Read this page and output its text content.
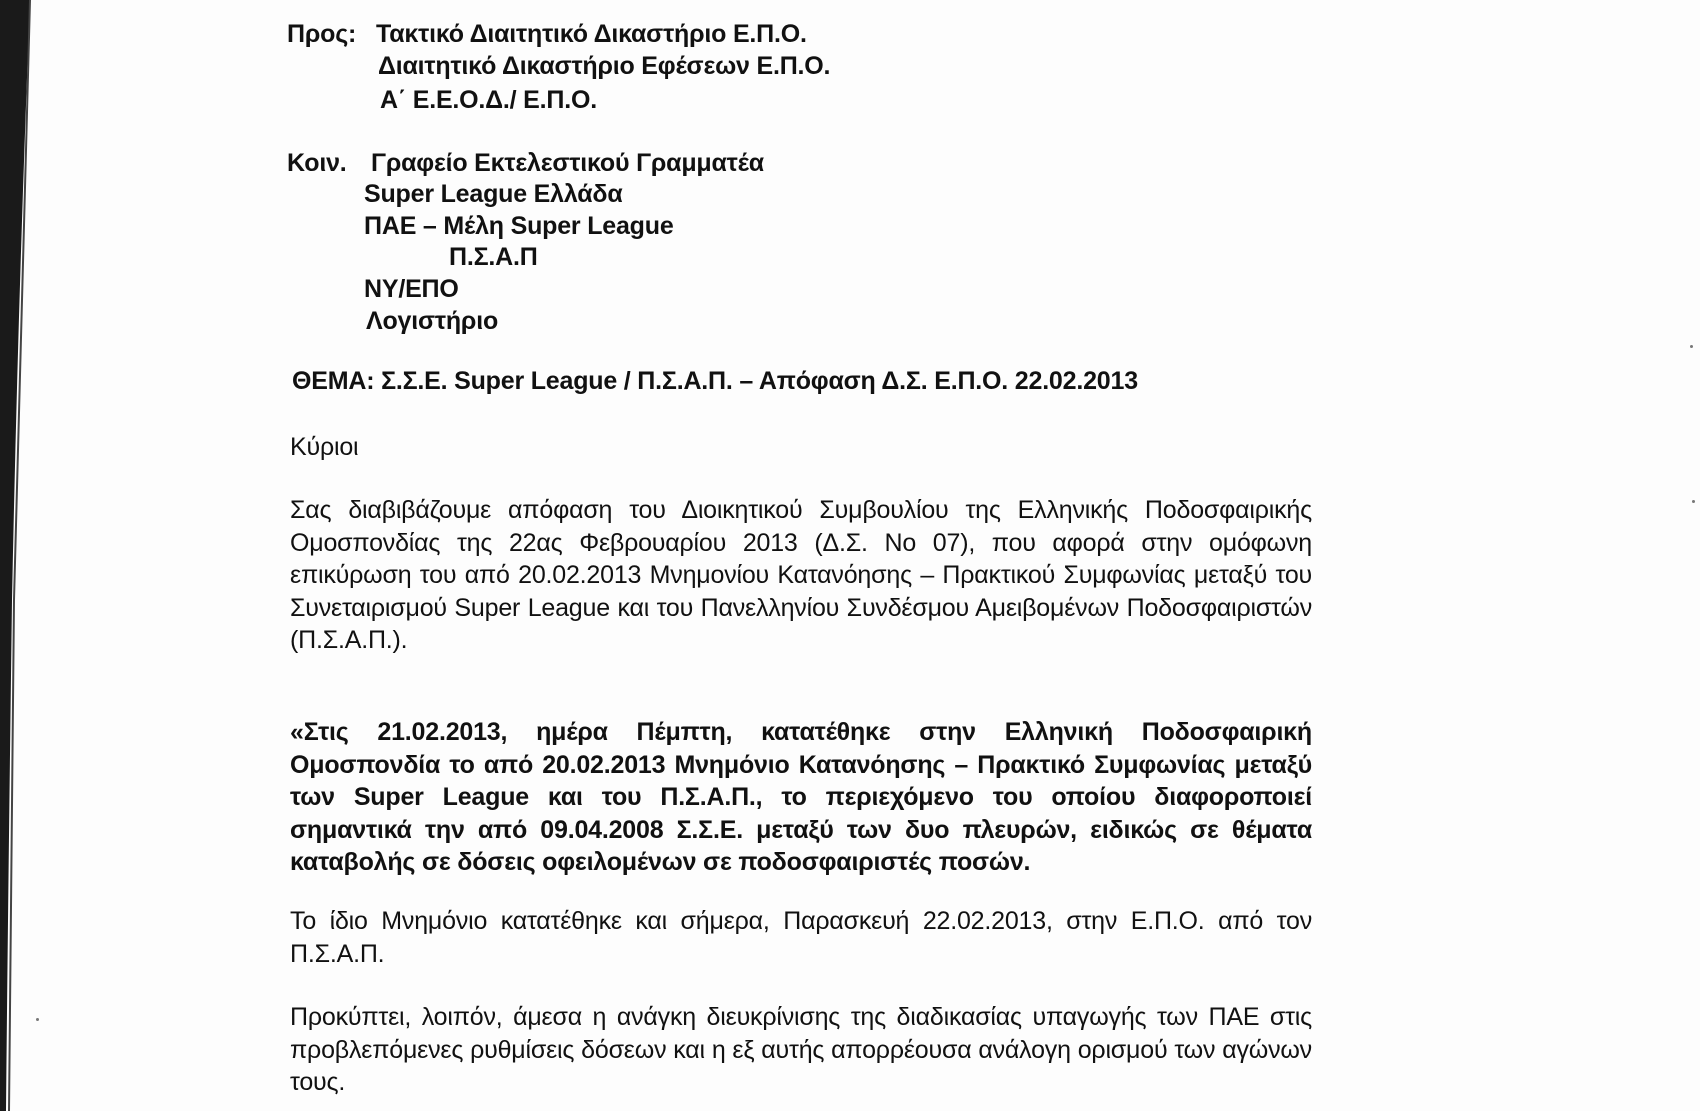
Προς: Τακτικό Διαιτητικό Δικαστήριο Ε.Π.Ο.
Διαιτητικό Δικαστήριο Εφέσεων Ε.Π.Ο.
Α΄ Ε.Ε.Ο.Δ./ Ε.Π.Ο.
Κοιν. Γραφείο Εκτελεστικού Γραμματέα
Super League Ελλάδα
ΠΑΕ – Μέλη Super League
Π.Σ.Α.Π
ΝΥ/ΕΠΟ
Λογιστήριο
ΘΕΜΑ: Σ.Σ.Ε. Super League / Π.Σ.Α.Π. – Απόφαση Δ.Σ. Ε.Π.Ο. 22.02.2013
Κύριοι
Σας διαβιβάζουμε απόφαση του Διοικητικού Συμβουλίου της Ελληνικής Ποδοσφαιρικής Ομοσπονδίας της 22ας Φεβρουαρίου 2013 (Δ.Σ. Νο 07), που αφορά στην ομόφωνη επικύρωση του από 20.02.2013 Μνημονίου Κατανόησης – Πρακτικού Συμφωνίας μεταξύ του Συνεταιρισμού Super League και του Πανελληνίου Συνδέσμου Αμειβομένων Ποδοσφαιριστών (Π.Σ.Α.Π.).
«Στις 21.02.2013, ημέρα Πέμπτη, κατατέθηκε στην Ελληνική Ποδοσφαιρική Ομοσπονδία το από 20.02.2013 Μνημόνιο Κατανόησης – Πρακτικό Συμφωνίας μεταξύ των Super League και του Π.Σ.Α.Π., το περιεχόμενο του οποίου διαφοροποιεί σημαντικά την από 09.04.2008 Σ.Σ.Ε. μεταξύ των δυο πλευρών, ειδικώς σε θέματα καταβολής σε δόσεις οφειλομένων σε ποδοσφαιριστές ποσών.
Το ίδιο Μνημόνιο κατατέθηκε και σήμερα, Παρασκευή 22.02.2013, στην Ε.Π.Ο. από τον Π.Σ.Α.Π.
Προκύπτει, λοιπόν, άμεσα η ανάγκη διευκρίνισης της διαδικασίας υπαγωγής των ΠΑΕ στις προβλεπόμενες ρυθμίσεις δόσεων και η εξ αυτής απορρέουσα ανάλογη ορισμού των αγώνων τους.
